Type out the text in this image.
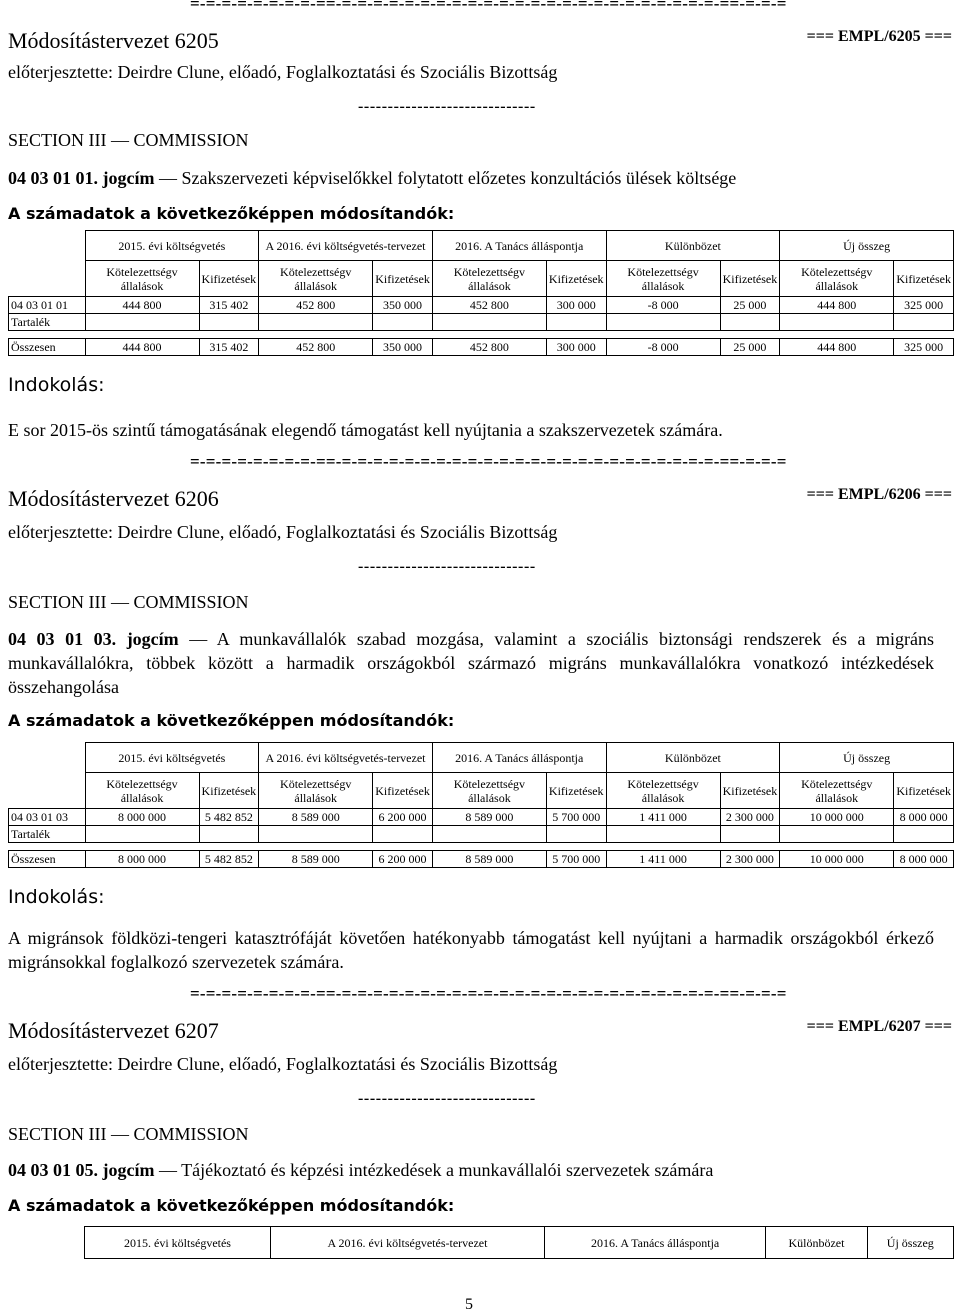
=-=-=-=-=-=-=-=-==-=-=-=-=-=-=-=-=-=-=-=-=-=-=-=-=-=-=-=-=-=-=-=-=-==-=-=-=
Módosítástervezet 6205	=== EMPL/6205 ===
előterjesztette: Deirdre Clune, előadó, Foglalkoztatási és Szociális Bizottság
------------------------------
SECTION III — COMMISSION
04 03 01 01. jogcím — Szakszervezeti képviselőkkel folytatott előzetes konzultációs ülések költsége
A számadatok a következőképpen módosítandók:
	2015. évi költségvetés		A 2016. évi költségvetés-tervezet		2016. A Tanács álláspontja		Különbözet		Új összeg	
	Kötelezettségv állalások	Kifizetések	Kötelezettségv állalások	Kifizetések	Kötelezettségv állalások	Kifizetések	Kötelezettségv állalások	Kifizetések	Kötelezettségv állalások	Kifizetések
04 03 01 01	444 800	315 402	452 800	350 000	452 800	300 000	-8 000	25 000	444 800	325 000
Tartalék										

Összesen	444 800	315 402	452 800	350 000	452 800	300 000	-8 000	25 000	444 800	325 000
Indokolás:
E sor 2015-ös szintű támogatásának elegendő támogatást kell nyújtania a szakszervezetek számára.
=-=-=-=-=-=-=-=-==-=-=-=-=-=-=-=-=-=-=-=-=-=-=-=-=-=-=-=-=-=-=-=-=-==-=-=-=
Módosítástervezet 6206	=== EMPL/6206 ===
előterjesztette: Deirdre Clune, előadó, Foglalkoztatási és Szociális Bizottság
------------------------------
SECTION III — COMMISSION
04 03 01 03. jogcím — A munkavállalók szabad mozgása, valamint a szociális biztonsági rendszerek és a migráns munkavállalókra, többek között a harmadik országokból származó migráns munkavállalókra vonatkozó intézkedések összehangolása
A számadatok a következőképpen módosítandók:
	2015. évi költségvetés		A 2016. évi költségvetés-tervezet		2016. A Tanács álláspontja		Különbözet		Új összeg	
	Kötelezettségv állalások	Kifizetések	Kötelezettségv állalások	Kifizetések	Kötelezettségv állalások	Kifizetések	Kötelezettségv állalások	Kifizetések	Kötelezettségv állalások	Kifizetések
04 03 01 03	8 000 000	5 482 852	8 589 000	6 200 000	8 589 000	5 700 000	1 411 000	2 300 000	10 000 000	8 000 000
Tartalék										

Összesen	8 000 000	5 482 852	8 589 000	6 200 000	8 589 000	5 700 000	1 411 000	2 300 000	10 000 000	8 000 000
Indokolás:
A migránsok földközi-tengeri katasztrófáját követően hatékonyabb támogatást kell nyújtani a harmadik országokból érkező migránsokkal foglalkozó szervezetek számára.
=-=-=-=-=-=-=-=-==-=-=-=-=-=-=-=-=-=-=-=-=-=-=-=-=-=-=-=-=-=-=-=-=-==-=-=-=
Módosítástervezet 6207	=== EMPL/6207 ===
előterjesztette: Deirdre Clune, előadó, Foglalkoztatási és Szociális Bizottság
------------------------------
SECTION III — COMMISSION
04 03 01 05. jogcím — Tájékoztató és képzési intézkedések a munkavállalói szervezetek számára
A számadatok a következőképpen módosítandók:
	2015. évi költségvetés	A 2016. évi költségvetés-tervezet	2016. A Tanács álláspontja	Különbözet	Új összeg
5
